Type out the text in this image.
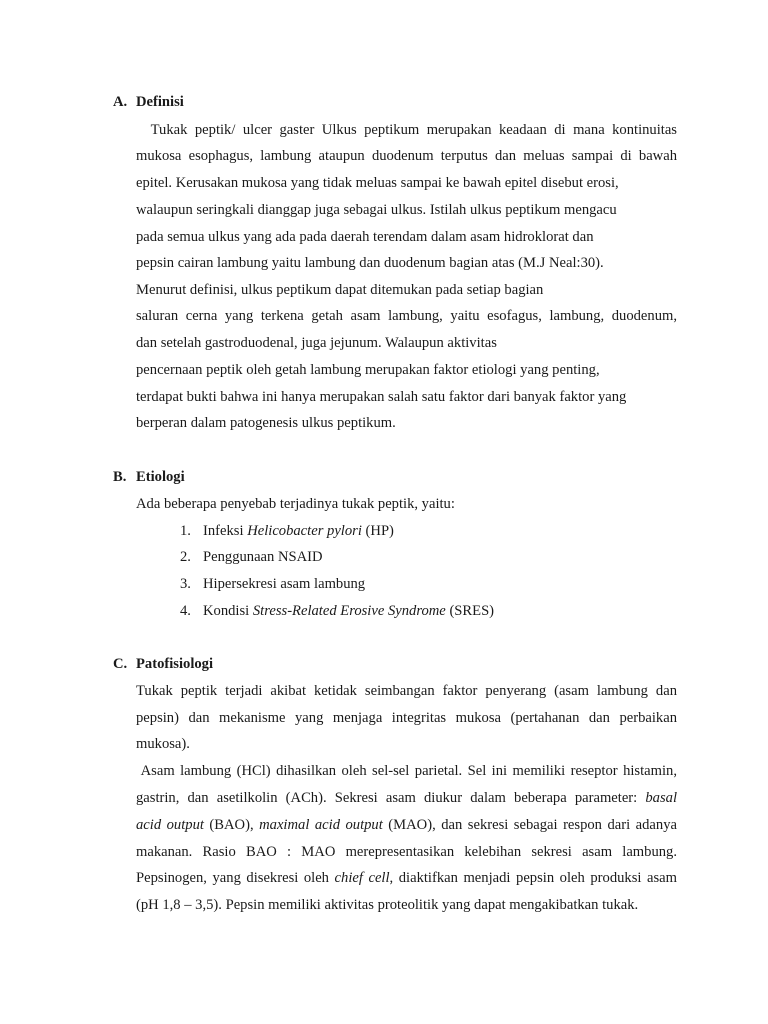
A. Definisi
Tukak peptik/ ulcer gaster Ulkus peptikum merupakan keadaan di mana kontinuitas
mukosa esophagus, lambung ataupun duodenum terputus dan meluas sampai di bawah
epitel. Kerusakan mukosa yang tidak meluas sampai ke bawah epitel disebut erosi,
walaupun seringkali dianggap juga sebagai ulkus. Istilah ulkus peptikum mengacu
pada semua ulkus yang ada pada daerah terendam dalam asam hidroklorat dan
pepsin cairan lambung yaitu lambung dan duodenum bagian atas (M.J Neal:30).
Menurut definisi, ulkus peptikum dapat ditemukan pada setiap bagian
saluran cerna yang terkena getah asam lambung, yaitu esofagus, lambung, duodenum,
dan setelah gastroduodenal, juga jejunum. Walaupun aktivitas
pencernaan peptik oleh getah lambung merupakan faktor etiologi yang penting,
terdapat bukti bahwa ini hanya merupakan salah satu faktor dari banyak faktor yang
berperan dalam patogenesis ulkus peptikum.
B. Etiologi
Ada beberapa penyebab terjadinya tukak peptik, yaitu:
1. Infeksi Helicobacter pylori (HP)
2. Penggunaan NSAID
3. Hipersekresi asam lambung
4. Kondisi Stress-Related Erosive Syndrome (SRES)
C. Patofisiologi
Tukak peptik terjadi akibat ketidak seimbangan faktor penyerang (asam lambung dan
pepsin) dan mekanisme yang menjaga integritas mukosa (pertahanan dan perbaikan
mukosa).
Asam lambung (HCl) dihasilkan oleh sel-sel parietal. Sel ini memiliki reseptor histamin,
gastrin, dan asetilkolin (ACh). Sekresi asam diukur dalam beberapa parameter: basal
acid output (BAO), maximal acid output (MAO), dan sekresi sebagai respon dari adanya
makanan. Rasio BAO : MAO merepresentasikan kelebihan sekresi asam lambung.
Pepsinogen, yang disekresi oleh chief cell, diaktifkan menjadi pepsin oleh produksi asam
(pH 1,8 – 3,5). Pepsin memiliki aktivitas proteolitik yang dapat mengakibatkan tukak.
